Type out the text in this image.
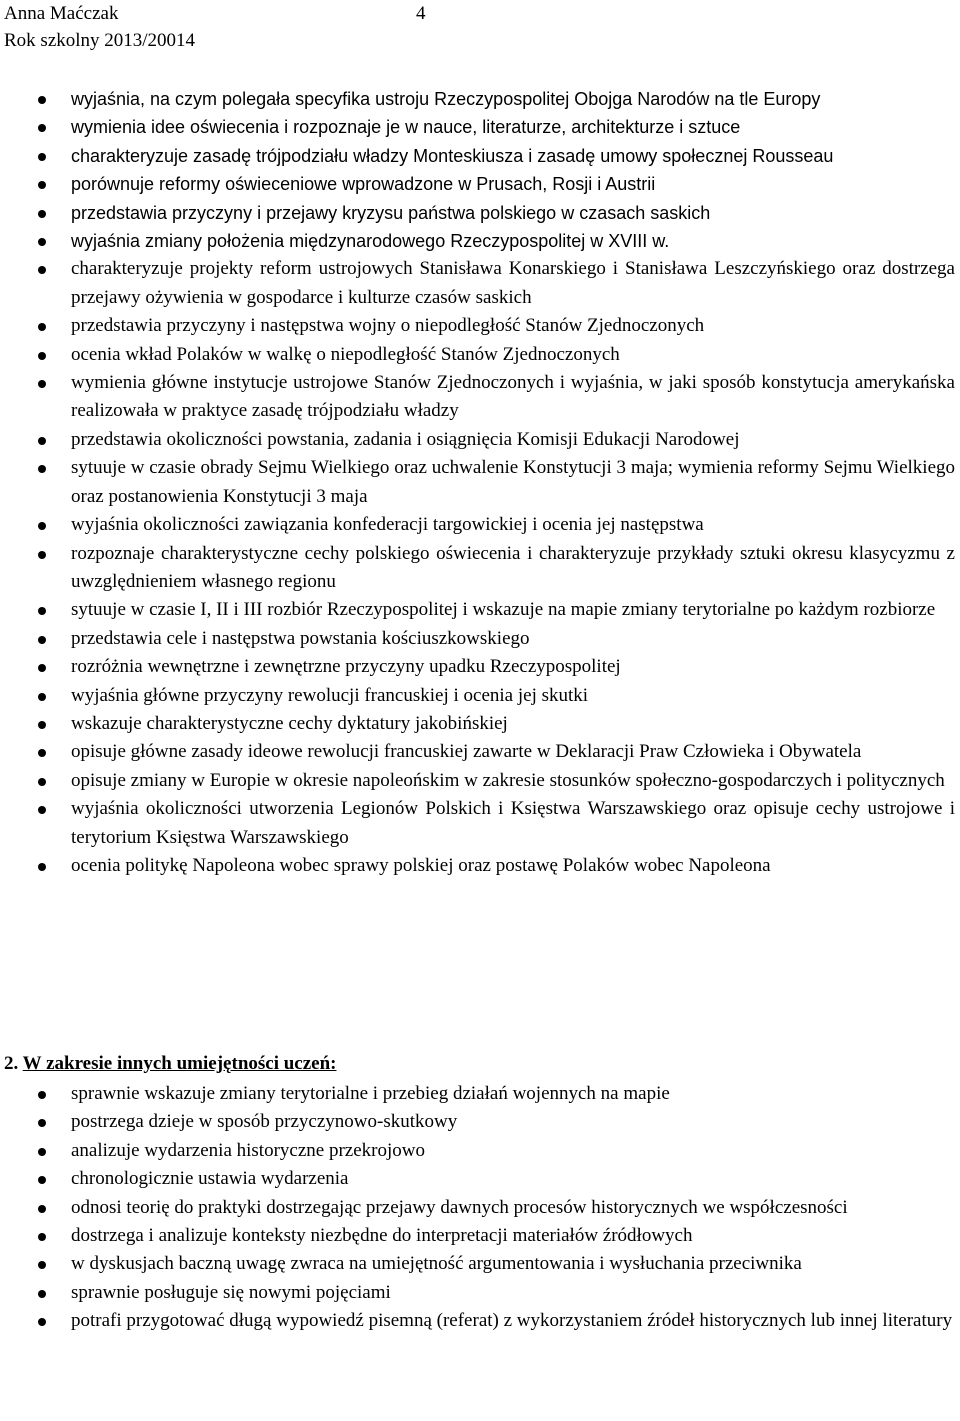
Anna Maćczak
Rok szkolny 2013/20014
4
wyjaśnia, na czym polegała specyfika ustroju Rzeczypospolitej Obojga Narodów na tle Europy
wymienia idee oświecenia i rozpoznaje je w nauce, literaturze, architekturze i sztuce
charakteryzuje zasadę trójpodziału władzy Monteskiusza i zasadę umowy społecznej Rousseau
porównuje reformy oświeceniowe wprowadzone w Prusach, Rosji i Austrii
przedstawia przyczyny i przejawy kryzysu państwa polskiego w czasach saskich
wyjaśnia zmiany położenia międzynarodowego Rzeczypospolitej w XVIII w.
charakteryzuje projekty reform ustrojowych Stanisława Konarskiego i Stanisława Leszczyńskiego oraz dostrzega przejawy ożywienia w gospodarce i kulturze czasów saskich
przedstawia przyczyny i następstwa wojny o niepodległość Stanów Zjednoczonych
ocenia wkład Polaków w walkę o niepodległość Stanów Zjednoczonych
wymienia główne instytucje ustrojowe Stanów Zjednoczonych i wyjaśnia, w jaki sposób konstytucja amerykańska realizowała w praktyce zasadę trójpodziału władzy
przedstawia okoliczności powstania, zadania i osiągnięcia Komisji Edukacji Narodowej
sytuuje w czasie obrady Sejmu Wielkiego oraz uchwalenie Konstytucji 3 maja; wymienia reformy Sejmu Wielkiego oraz postanowienia Konstytucji 3 maja
wyjaśnia okoliczności zawiązania konfederacji targowickiej i ocenia jej następstwa
rozpoznaje charakterystyczne cechy polskiego oświecenia i charakteryzuje przykłady sztuki okresu klasycyzmu z uwzględnieniem własnego regionu
sytuuje w czasie I, II i III rozbiór Rzeczypospolitej i wskazuje na mapie zmiany terytorialne po każdym rozbiorze
przedstawia cele i następstwa powstania kościuszkowskiego
rozróżnia wewnętrzne i zewnętrzne przyczyny upadku Rzeczypospolitej
wyjaśnia główne przyczyny rewolucji francuskiej i ocenia jej skutki
wskazuje charakterystyczne cechy dyktatury jakobińskiej
opisuje główne zasady ideowe rewolucji francuskiej zawarte w Deklaracji Praw Człowieka i Obywatela
opisuje zmiany w Europie w okresie napoleońskim w zakresie stosunków społeczno-gospodarczych i politycznych
wyjaśnia okoliczności utworzenia Legionów Polskich i Księstwa Warszawskiego oraz opisuje cechy ustrojowe i terytorium Księstwa Warszawskiego
ocenia politykę Napoleona wobec sprawy polskiej oraz postawę Polaków wobec Napoleona
2. W zakresie innych umiejętności uczeń:
sprawnie wskazuje zmiany terytorialne i przebieg działań wojennych na mapie
postrzega dzieje w sposób przyczynowo-skutkowy
analizuje wydarzenia historyczne przekrojowo
chronologicznie ustawia wydarzenia
odnosi teorię do praktyki dostrzegając przejawy dawnych procesów historycznych we współczesności
dostrzega i analizuje konteksty niezbędne do interpretacji materiałów źródłowych
w dyskusjach baczną uwagę zwraca na umiejętność argumentowania i wysłuchania przeciwnika
sprawnie posługuje się nowymi pojęciami
potrafi przygotować długą wypowiedź pisemną (referat) z wykorzystaniem źródeł historycznych lub innej literatury
